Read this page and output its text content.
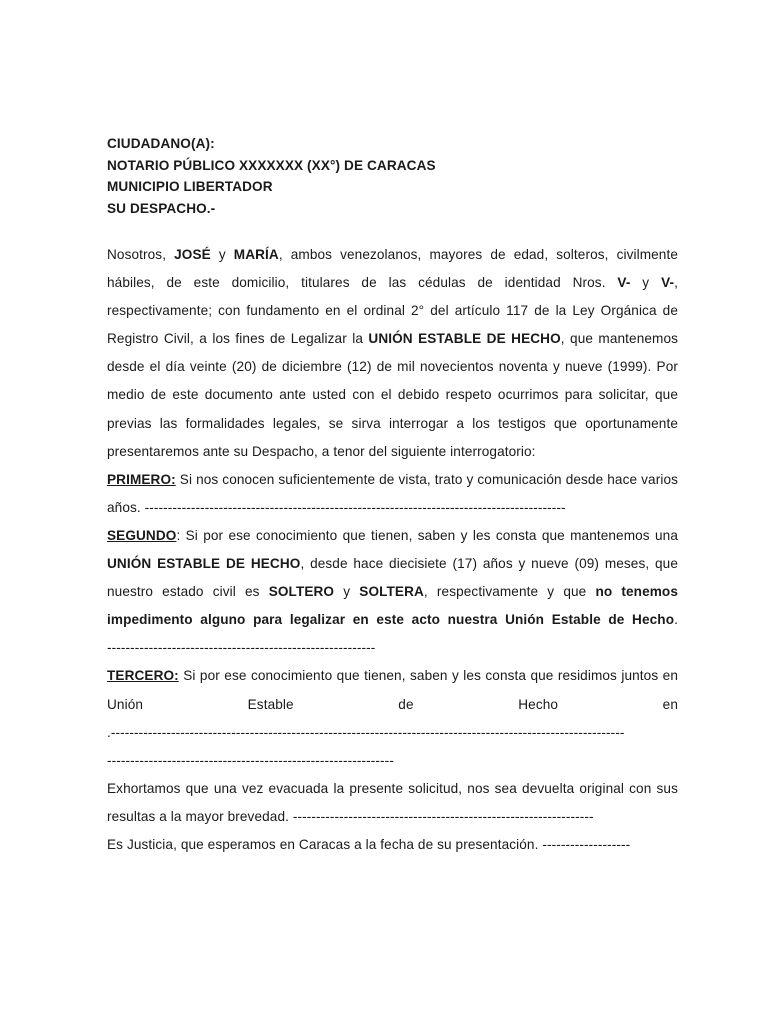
CIUDADANO(A):
NOTARIO PÚBLICO XXXXXXX (XX°) DE CARACAS
MUNICIPIO LIBERTADOR
SU DESPACHO.-

Nosotros, JOSÉ y MARÍA, ambos venezolanos, mayores de edad, solteros, civilmente hábiles, de este domicilio, titulares de las cédulas de identidad Nros. V- y V-, respectivamente; con fundamento en el ordinal 2° del artículo 117 de la Ley Orgánica de Registro Civil, a los fines de Legalizar la UNIÓN ESTABLE DE HECHO, que mantenemos desde el día veinte (20) de diciembre (12) de mil novecientos noventa y nueve (1999). Por medio de este documento ante usted con el debido respeto ocurrimos para solicitar, que previas las formalidades legales, se sirva interrogar a los testigos que oportunamente presentaremos ante su Despacho, a tenor del siguiente interrogatorio:

PRIMERO: Si nos conocen suficientemente de vista, trato y comunicación desde hace varios años. -------------------------------------------------------------------------------------------

SEGUNDO: Si por ese conocimiento que tienen, saben y les consta que mantenemos una UNIÓN ESTABLE DE HECHO, desde hace diecisiete (17) años y nueve (09) meses, que nuestro estado civil es SOLTERO y SOLTERA, respectivamente y que no tenemos impedimento alguno para legalizar en este acto nuestra Unión Estable de Hecho. ----------------------------------------------------------

TERCERO: Si por ese conocimiento que tienen, saben y les consta que residimos juntos en Unión Estable de Hecho en .---------------------------------------------------------------------------------------------------------------

--------------------------------------------------------------

Exhortamos que una vez evacuada la presente solicitud, nos sea devuelta original con sus resultas a la mayor brevedad. -----------------------------------------------------------------

Es Justicia, que esperamos en Caracas a la fecha de su presentación. -------------------
